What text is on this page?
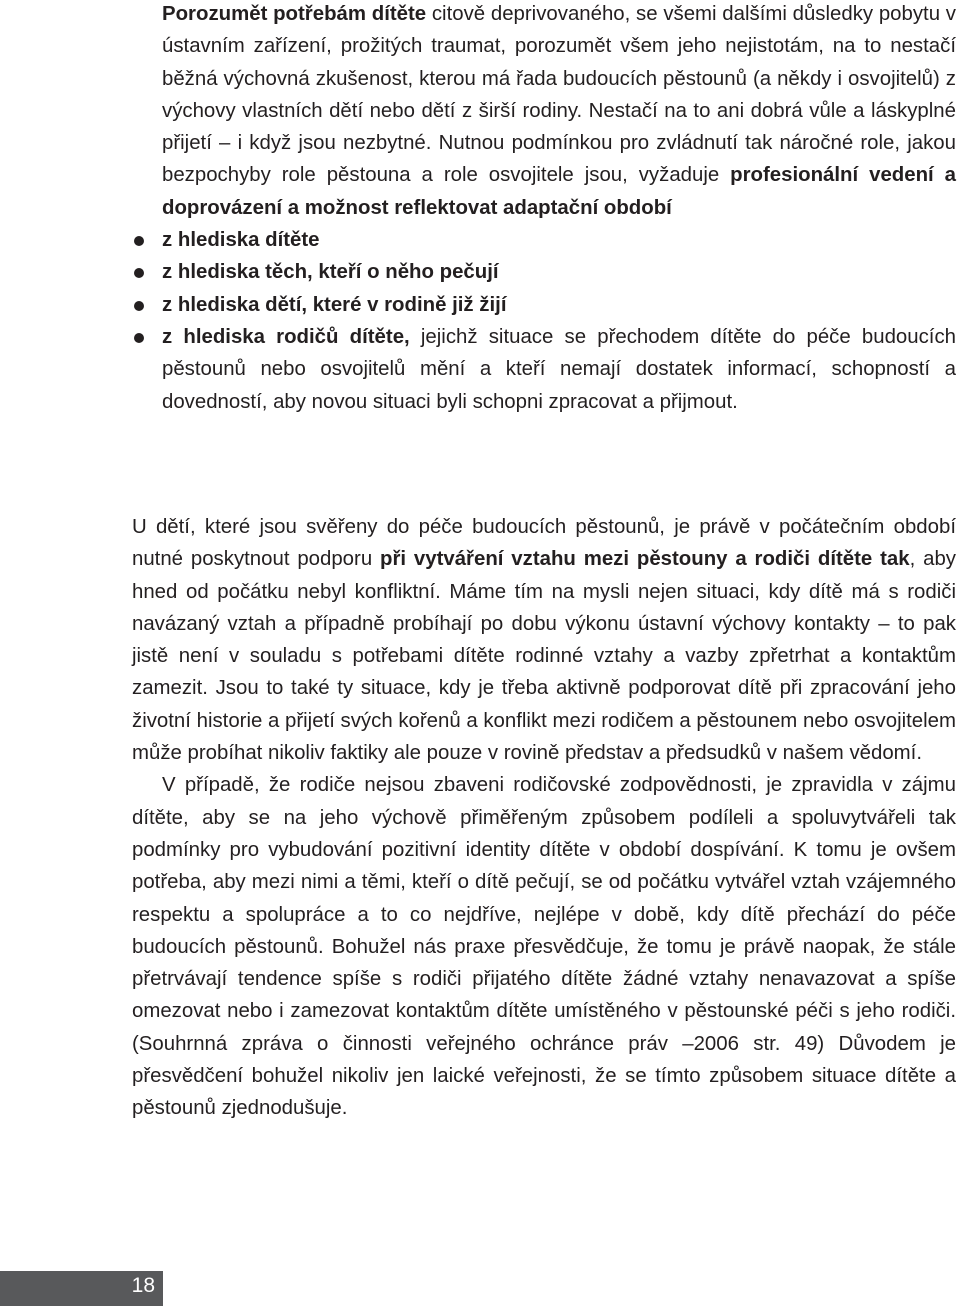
Porozumět potřebám dítěte citově deprivovaného, se všemi dalšími důsledky pobytu v ústavním zařízení, prožitých traumat, porozumět všem jeho nejistotám, na to nestačí běžná výchovná zkušenost, kterou má řada budoucích pěstounů (a někdy i osvojitelů) z výchovy vlastních dětí nebo dětí z širší rodiny. Nestačí na to ani dobrá vůle a láskyplné přijetí – i když jsou nezbytné. Nutnou podmínkou pro zvládnutí tak náročné role, jakou bezpochyby role pěstouna a role osvojitele jsou, vyžaduje profesionální vedení a doprovázení a možnost reflektovat adaptační období

z hlediska dítěte
z hlediska těch, kteří o něho pečují
z hlediska dětí, které v rodině již žijí
z hlediska rodičů dítěte, jejichž situace se přechodem dítěte do péče budoucích pěstounů nebo osvojitelů mění a kteří nemají dostatek informací, schopností a dovedností, aby novou situaci byli schopni zpracovat a přijmout.

U dětí, které jsou svěřeny do péče budoucích pěstounů, je právě v počátečním období nutné poskytnout podporu při vytváření vztahu mezi pěstouny a rodiči dítěte tak, aby hned od počátku nebyl konfliktní. Máme tím na mysli nejen situaci, kdy dítě má s rodiči navázaný vztah a případně probíhají po dobu výkonu ústavní výchovy kontakty – to pak jistě není v souladu s potřebami dítěte rodinné vztahy a vazby zpřetrhat a kontaktům zamezit. Jsou to také ty situace, kdy je třeba aktivně podporovat dítě při zpracování jeho životní historie a přijetí svých kořenů a konflikt mezi rodičem a pěstounem nebo osvojitelem může probíhat nikoliv faktiky ale pouze v rovině představ a předsudků v našem vědomí.

V případě, že rodiče nejsou zbaveni rodičovské zodpovědnosti, je zpravidla v zájmu dítěte, aby se na jeho výchově přiměřeným způsobem podíleli a spoluvytvářeli tak podmínky pro vybudování pozitivní identity dítěte v období dospívání. K tomu je ovšem potřeba, aby mezi nimi a těmi, kteří o dítě pečují, se od počátku vytvářel vztah vzájemného respektu a spolupráce a to co nejdříve, nejlépe v době, kdy dítě přechází do péče budoucích pěstounů. Bohužel nás praxe přesvědčuje, že tomu je právě naopak, že stále přetrvávají tendence spíše s rodiči přijatého dítěte žádné vztahy nenavazovat a spíše omezovat nebo i zamezovat kontaktům dítěte umístěného v pěstounské péči s jeho rodiči. (Souhrnná zpráva o činnosti veřejného ochránce práv –2006 str. 49) Důvodem je přesvědčení bohužel nikoliv jen laické veřejnosti, že se tímto způsobem situace dítěte a pěstounů zjednodušuje.

18
